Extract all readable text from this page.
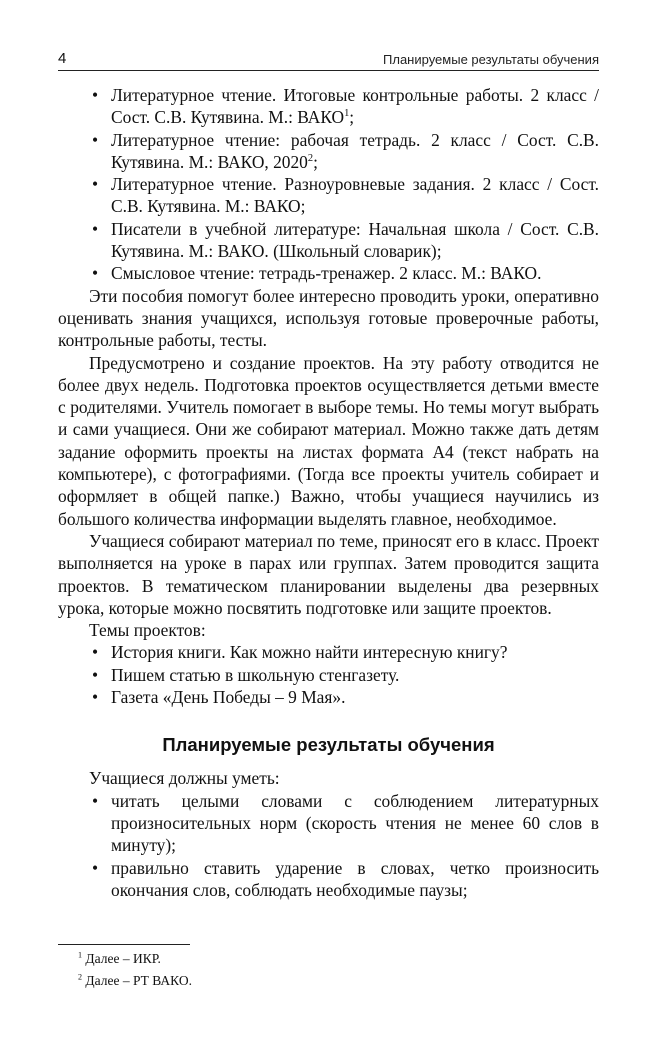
4	Планируемые результаты обучения
• Литературное чтение. Итоговые контрольные работы. 2 класс / Сост. С.В. Кутявина. М.: ВАКО$^1$;
• Литературное чтение: рабочая тетрадь. 2 класс / Сост. С.В. Кутявина. М.: ВАКО, 2020$^2$;
• Литературное чтение. Разноуровневые задания. 2 класс / Сост. С.В. Кутявина. М.: ВАКО;
• Писатели в учебной литературе: Начальная школа / Сост. С.В. Кутявина. М.: ВАКО. (Школьный словарик);
• Смысловое чтение: тетрадь-тренажер. 2 класс. М.: ВАКО.

Эти пособия помогут более интересно проводить уроки, оперативно оценивать знания учащихся, используя готовые проверочные работы, контрольные работы, тесты.

Предусмотрено и создание проектов. На эту работу отводится не более двух недель. Подготовка проектов осуществляется детьми вместе с родителями. Учитель помогает в выборе темы. Но темы могут выбрать и сами учащиеся. Они же собирают материал. Можно также дать детям задание оформить проекты на листах формата А4 (текст набрать на компьютере), с фотографиями. (Тогда все проекты учитель собирает и оформляет в общей папке.) Важно, чтобы учащиеся научились из большого количества информации выделять главное, необходимое.

Учащиеся собирают материал по теме, приносят его в класс. Проект выполняется на уроке в парах или группах. Затем проводится защита проектов. В тематическом планировании выделены два резервных урока, которые можно посвятить подготовке или защите проектов.

Темы проектов:

• История книги. Как можно найти интересную книгу?
• Пишем статью в школьную стенгазету.
• Газета «День Победы – 9 Мая».
Планируемые результаты обучения

Учащиеся должны уметь:

• читать целыми словами с соблюдением литературных произносительных норм (скорость чтения не менее 60 слов в минуту);
• правильно ставить ударение в словах, четко произносить окончания слов, соблюдать необходимые паузы;
$^1$ Далее – ИКР.
$^2$ Далее – РТ ВАКО.
